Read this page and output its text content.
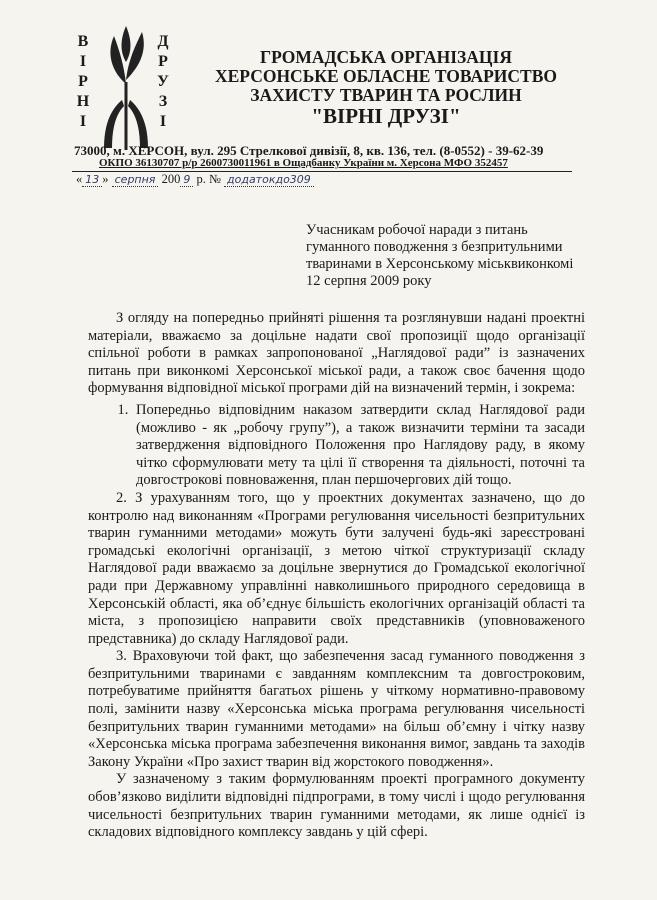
В
І
Р
Н
І
Д
Р
У
З
І
ГРОМАДСЬКА ОРГАНІЗАЦІЯ
ХЕРСОНСЬКЕ ОБЛАСНЕ ТОВАРИСТВО
ЗАХИСТУ ТВАРИН ТА РОСЛИН
"ВІРНІ ДРУЗІ"
73000, м. ХЕРСОН, вул. 295 Стрелкової дивізії, 8, кв. 136, тел. (8-0552) - 39-62-39
ОКПО 36130707 р/р 2600730011961 в Ощадбанку України м. Херсона МФО 352457
« 13 » серпня 200 9 р. № додатокдо309
Учасникам робочої наради з питань
гуманного поводження з безпритульними
тваринами в Херсонському міськвиконкомі
12 серпня 2009 року

З огляду на попередньо прийняті рішення та розглянувши надані проектні матеріали, вважаємо за доцільне надати свої пропозиції щодо організації спільної роботи в рамках запропонованої „Наглядової ради” із зазначених питань при виконкомі Херсонської міської ради, а також своє бачення щодо формування відповідної міської програми дій на визначений термін, і зокрема:

1. Попередньо відповідним наказом затвердити склад Наглядової ради (можливо - як „робочу групу”), а також визначити терміни та засади затвердження відповідного Положення про Наглядову раду, в якому чітко сформулювати мету та цілі її створення та діяльності, поточні та довгострокові повноваження, план першочергових дій тощо.

2. З урахуванням того, що у проектних документах зазначено, що до контролю над виконанням «Програми регулювання чисельності безпритульних тварин гуманними методами» можуть бути залучені будь-які зареєстровані громадські екологічні організації, з метою чіткої структуризації складу Наглядової ради вважаємо за доцільне звернутися до Громадської екологічної ради при Державному управлінні навколишнього природного середовища в Херсонській області, яка об’єднує більшість екологічних організацій області та міста, з пропозицією направити своїх представників (уповноваженого представника) до складу Наглядової ради.

3. Враховуючи той факт, що забезпечення засад гуманного поводження з безпритульними тваринами є завданням комплексним та довгостроковим, потребуватиме прийняття багатьох рішень у чіткому нормативно-правовому полі, замінити назву «Херсонська міська програма регулювання чисельності безпритульних тварин гуманними методами» на більш об’ємну і чітку назву «Херсонська міська програма забезпечення виконання вимог, завдань та заходів Закону України «Про захист тварин від жорстокого поводження».

У зазначеному з таким формулюванням проекті програмного документу обов’язково виділити відповідні підпрограми, в тому числі і щодо регулювання чисельності безпритульних тварин гуманними методами, як лише однієї із складових відповідного комплексу завдань у цій сфері.
